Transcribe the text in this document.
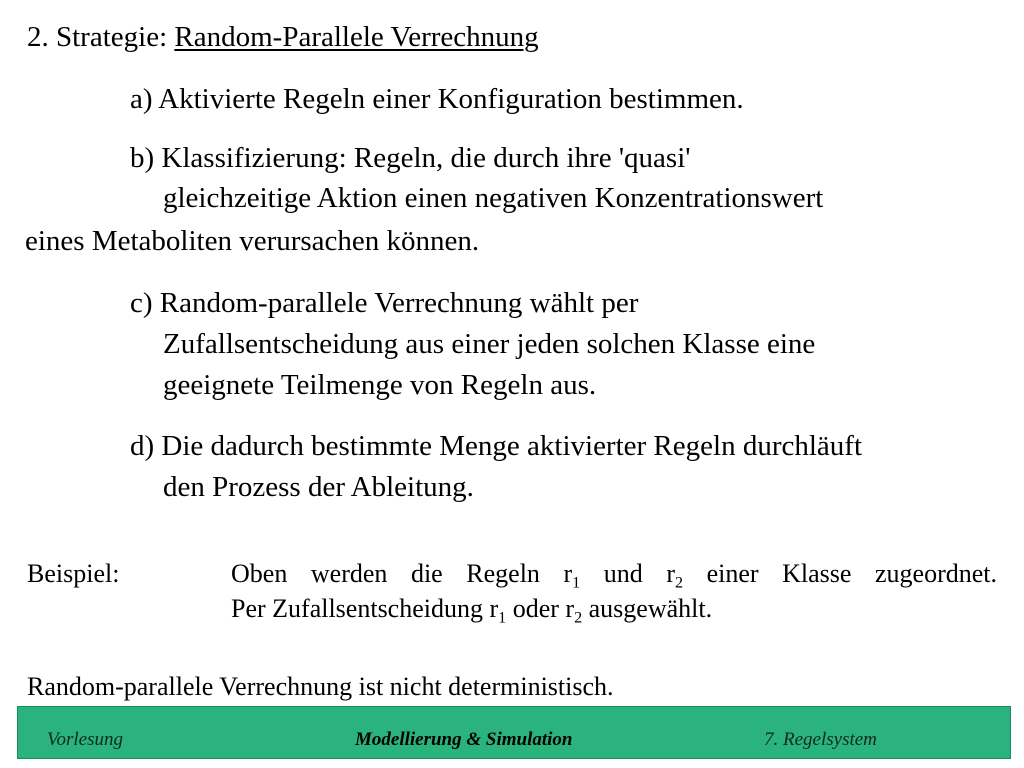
2. Strategie: Random-Parallele Verrechnung
a) Aktivierte Regeln einer Konfiguration bestimmen.
b) Klassifizierung: Regeln, die durch ihre 'quasi'
gleichzeitige Aktion einen negativen Konzentrationswert
eines Metaboliten verursachen können.
c) Random-parallele Verrechnung wählt per
Zufallsentscheidung aus einer jeden solchen Klasse eine
geeignete Teilmenge von Regeln aus.
d) Die dadurch bestimmte Menge aktivierter Regeln durchläuft
den Prozess der Ableitung.
Beispiel:	Oben werden die Regeln $r_1$ und $r_2$ einer Klasse zugeordnet.
Per Zufallsentscheidung $r_1$ oder $r_2$ ausgewählt.
Random-parallele Verrechnung ist nicht deterministisch.
Vorlesung	Modellierung & Simulation	7. Regelsystem
